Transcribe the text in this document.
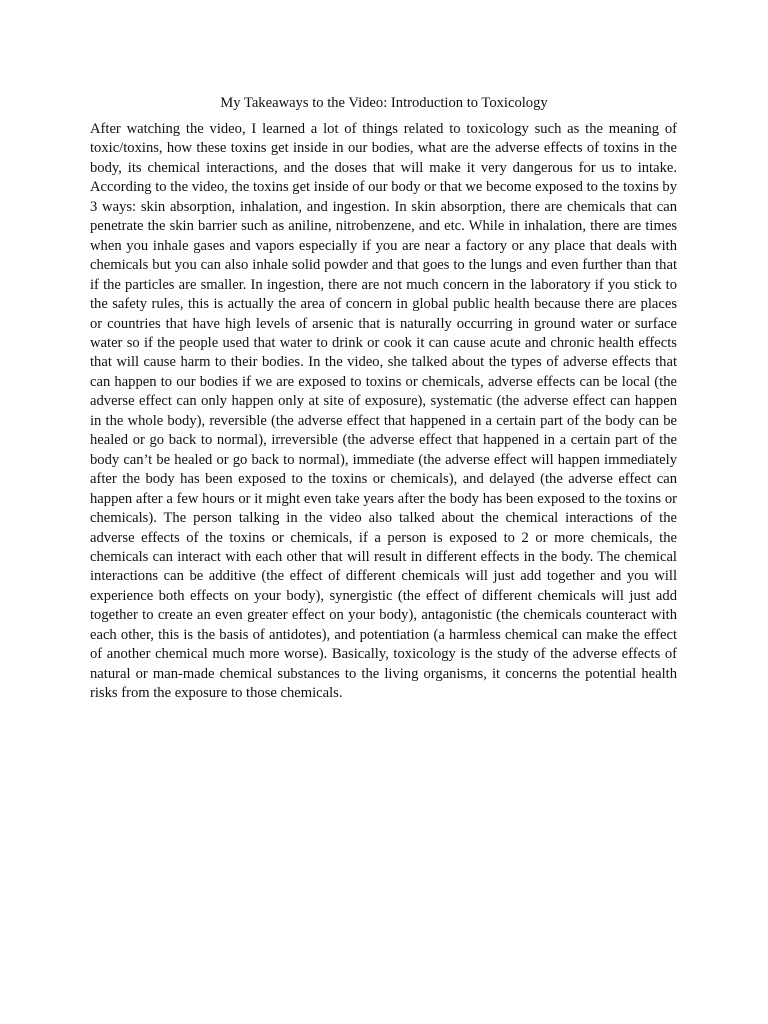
My Takeaways to the Video: Introduction to Toxicology

After watching the video, I learned a lot of things related to toxicology such as the meaning of toxic/toxins, how these toxins get inside in our bodies, what are the adverse effects of toxins in the body, its chemical interactions, and the doses that will make it very dangerous for us to intake. According to the video, the toxins get inside of our body or that we become exposed to the toxins by 3 ways: skin absorption, inhalation, and ingestion. In skin absorption, there are chemicals that can penetrate the skin barrier such as aniline, nitrobenzene, and etc. While in inhalation, there are times when you inhale gases and vapors especially if you are near a factory or any place that deals with chemicals but you can also inhale solid powder and that goes to the lungs and even further than that if the particles are smaller. In ingestion, there are not much concern in the laboratory if you stick to the safety rules, this is actually the area of concern in global public health because there are places or countries that have high levels of arsenic that is naturally occurring in ground water or surface water so if the people used that water to drink or cook it can cause acute and chronic health effects that will cause harm to their bodies. In the video, she talked about the types of adverse effects that can happen to our bodies if we are exposed to toxins or chemicals, adverse effects can be local (the adverse effect can only happen only at site of exposure), systematic (the adverse effect can happen in the whole body), reversible (the adverse effect that happened in a certain part of the body can be healed or go back to normal), irreversible (the adverse effect that happened in a certain part of the body can’t be healed or go back to normal), immediate (the adverse effect will happen immediately after the body has been exposed to the toxins or chemicals), and delayed (the adverse effect can happen after a few hours or it might even take years after the body has been exposed to the toxins or chemicals). The person talking in the video also talked about the chemical interactions of the adverse effects of the toxins or chemicals, if a person is exposed to 2 or more chemicals, the chemicals can interact with each other that will result in different effects in the body. The chemical interactions can be additive (the effect of different chemicals will just add together and you will experience both effects on your body), synergistic (the effect of different chemicals will just add together to create an even greater effect on your body), antagonistic (the chemicals counteract with each other, this is the basis of antidotes), and potentiation (a harmless chemical can make the effect of another chemical much more worse). Basically, toxicology is the study of the adverse effects of natural or man-made chemical substances to the living organisms, it concerns the potential health risks from the exposure to those chemicals.
